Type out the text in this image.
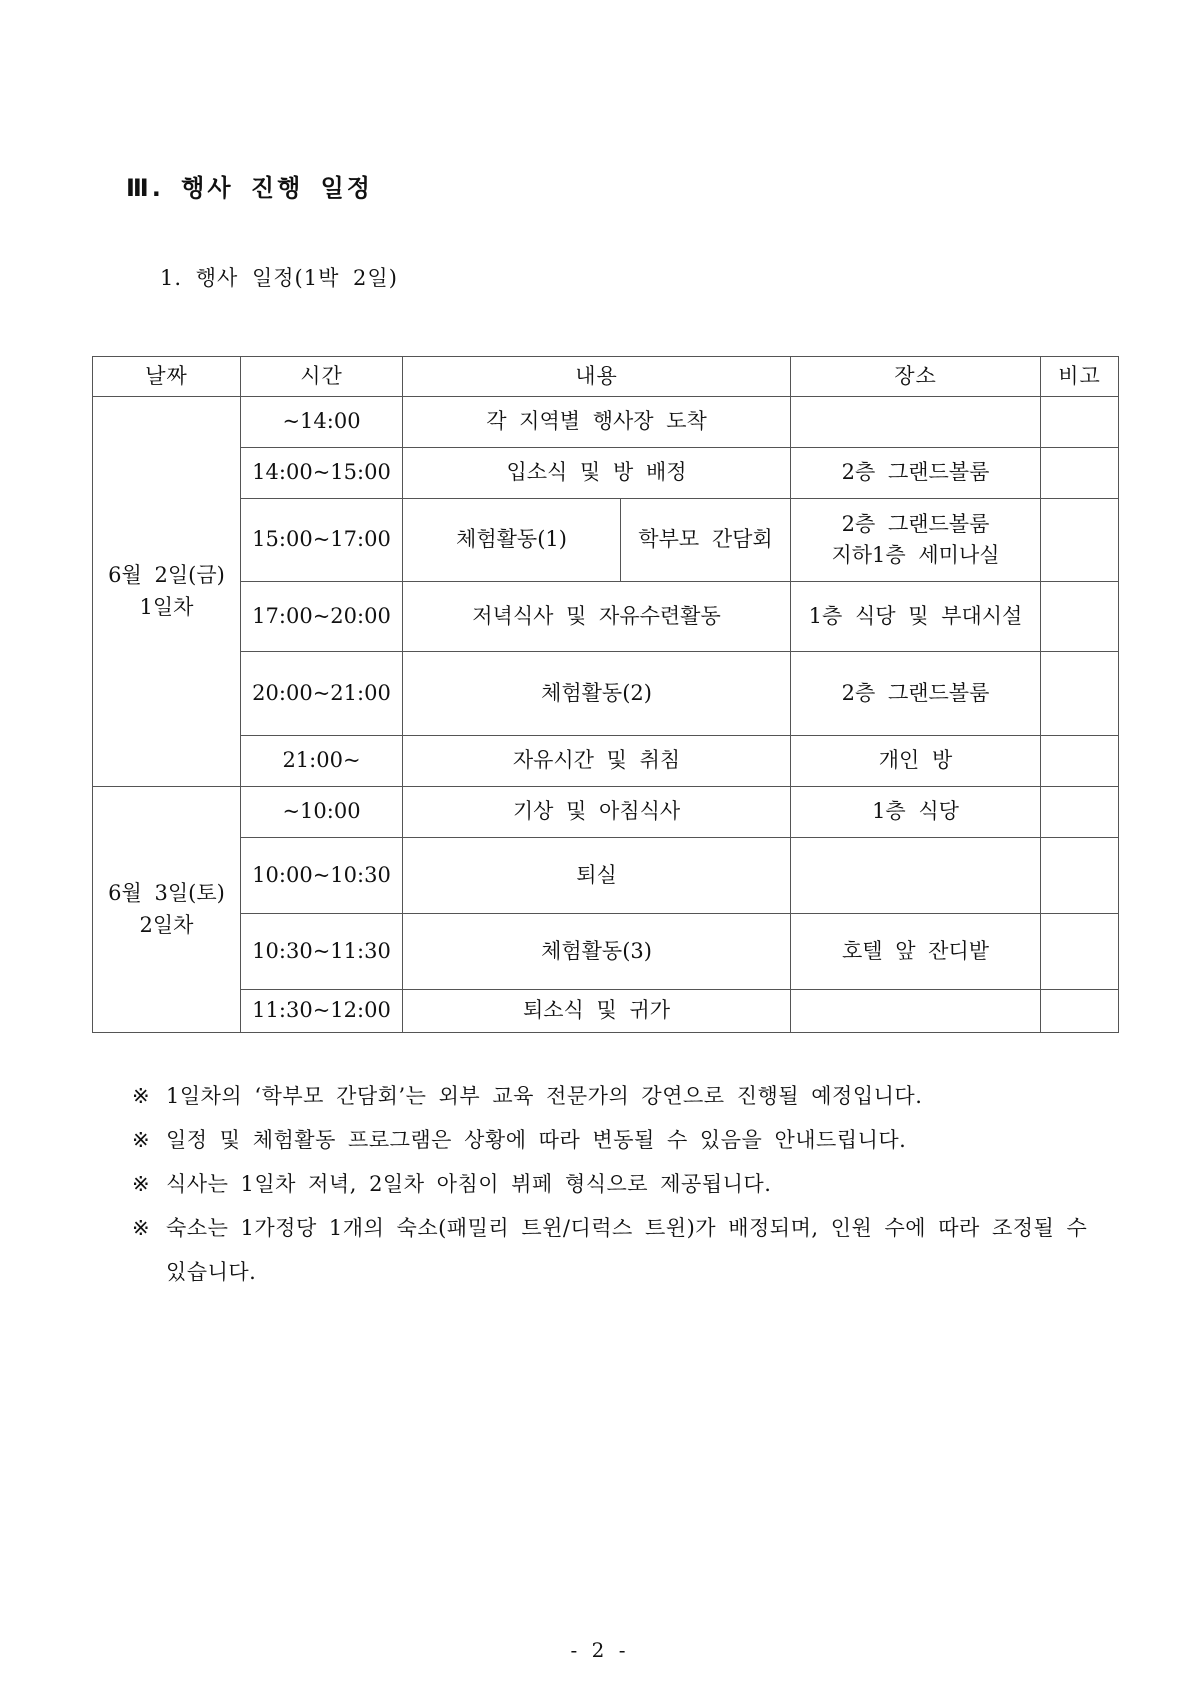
Ⅲ. 행사 진행 일정
1. 행사 일정(1박 2일)
날짜	시간	내용		장소	비고

6월 2일(금)
1일차	~14:00	각 지역별 행사장 도착			
	14:00~15:00	입소식 및 방 배정		2층 그랜드볼룸	
	15:00~17:00	체험활동(1)	학부모 간담회	2층 그랜드볼룸
지하1층 세미나실	

	17:00~20:00	저녁식사 및 자유수련활동		1층 식당 및 부대시설	
	20:00~21:00	체험활동(2)		2층 그랜드볼룸	
	21:00~	자유시간 및 취침		개인 방	

6월 3일(토)
2일차	~10:00	기상 및 아침식사		1층 식당	
	10:00~10:30	퇴실			
	10:30~11:30	체험활동(3)		호텔 앞 잔디밭	
	11:30~12:00	퇴소식 및 귀가			
※ 1일차의 ‘학부모 간담회’는 외부 교육 전문가의 강연으로 진행될 예정입니다.
※ 일정 및 체험활동 프로그램은 상황에 따라 변동될 수 있음을 안내드립니다.
※ 식사는 1일차 저녁, 2일차 아침이 뷔페 형식으로 제공됩니다.
※ 숙소는 1가정당 1개의 숙소(패밀리 트윈/디럭스 트윈)가 배정되며, 인원 수에 따라 조정될 수 있습니다.
- 2 -
